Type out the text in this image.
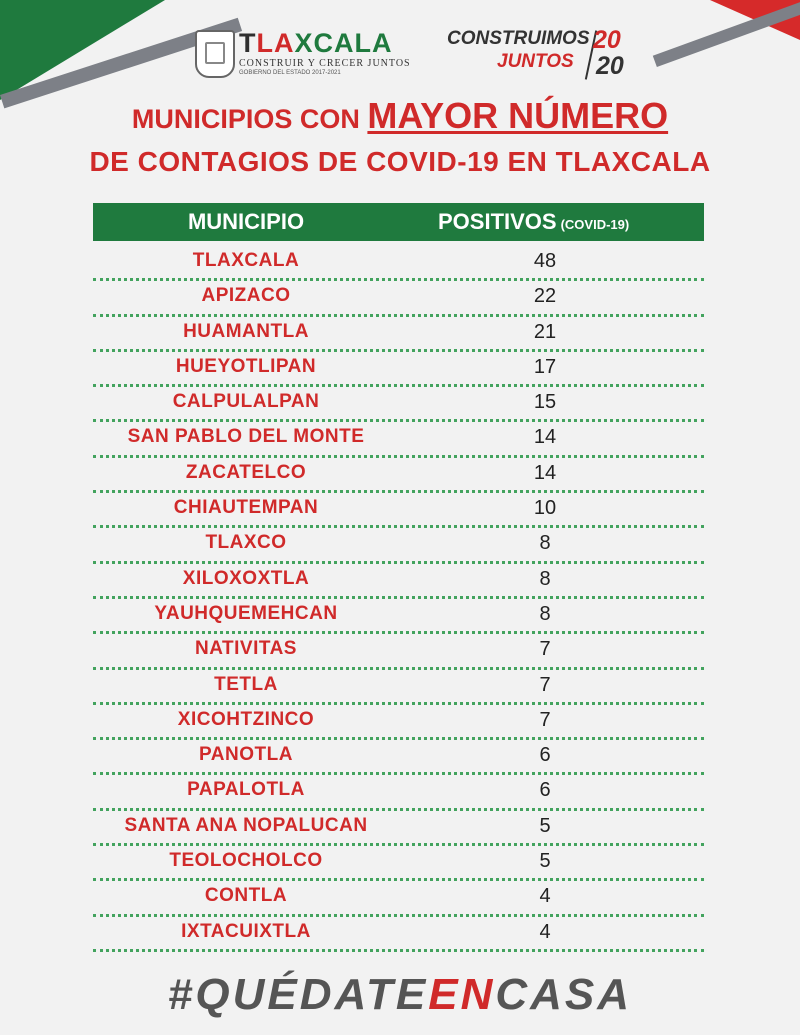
TLAXCALA
CONSTRUIR Y CRECER JUNTOS
GOBIERNO DEL ESTADO 2017-2021
CONSTRUIMOS
JUNTOS
20
20
MUNICIPIOS CON MAYOR NÚMERO
DE CONTAGIOS DE COVID-19 EN TLAXCALA
MUNICIPIO	POSITIVOS (COVID-19)
TLAXCALA	48
APIZACO	22
HUAMANTLA	21
HUEYOTLIPAN	17
CALPULALPAN	15
SAN PABLO DEL MONTE	14
ZACATELCO	14
CHIAUTEMPAN	10
TLAXCO	8
XILOXOXTLA	8
YAUHQUEMEHCAN	8
NATIVITAS	7
TETLA	7
XICOHTZINCO	7
PANOTLA	6
PAPALOTLA	6
SANTA ANA NOPALUCAN	5
TEOLOCHOLCO	5
CONTLA	4
IXTACUIXTLA	4
#QUÉDATEENCASA
